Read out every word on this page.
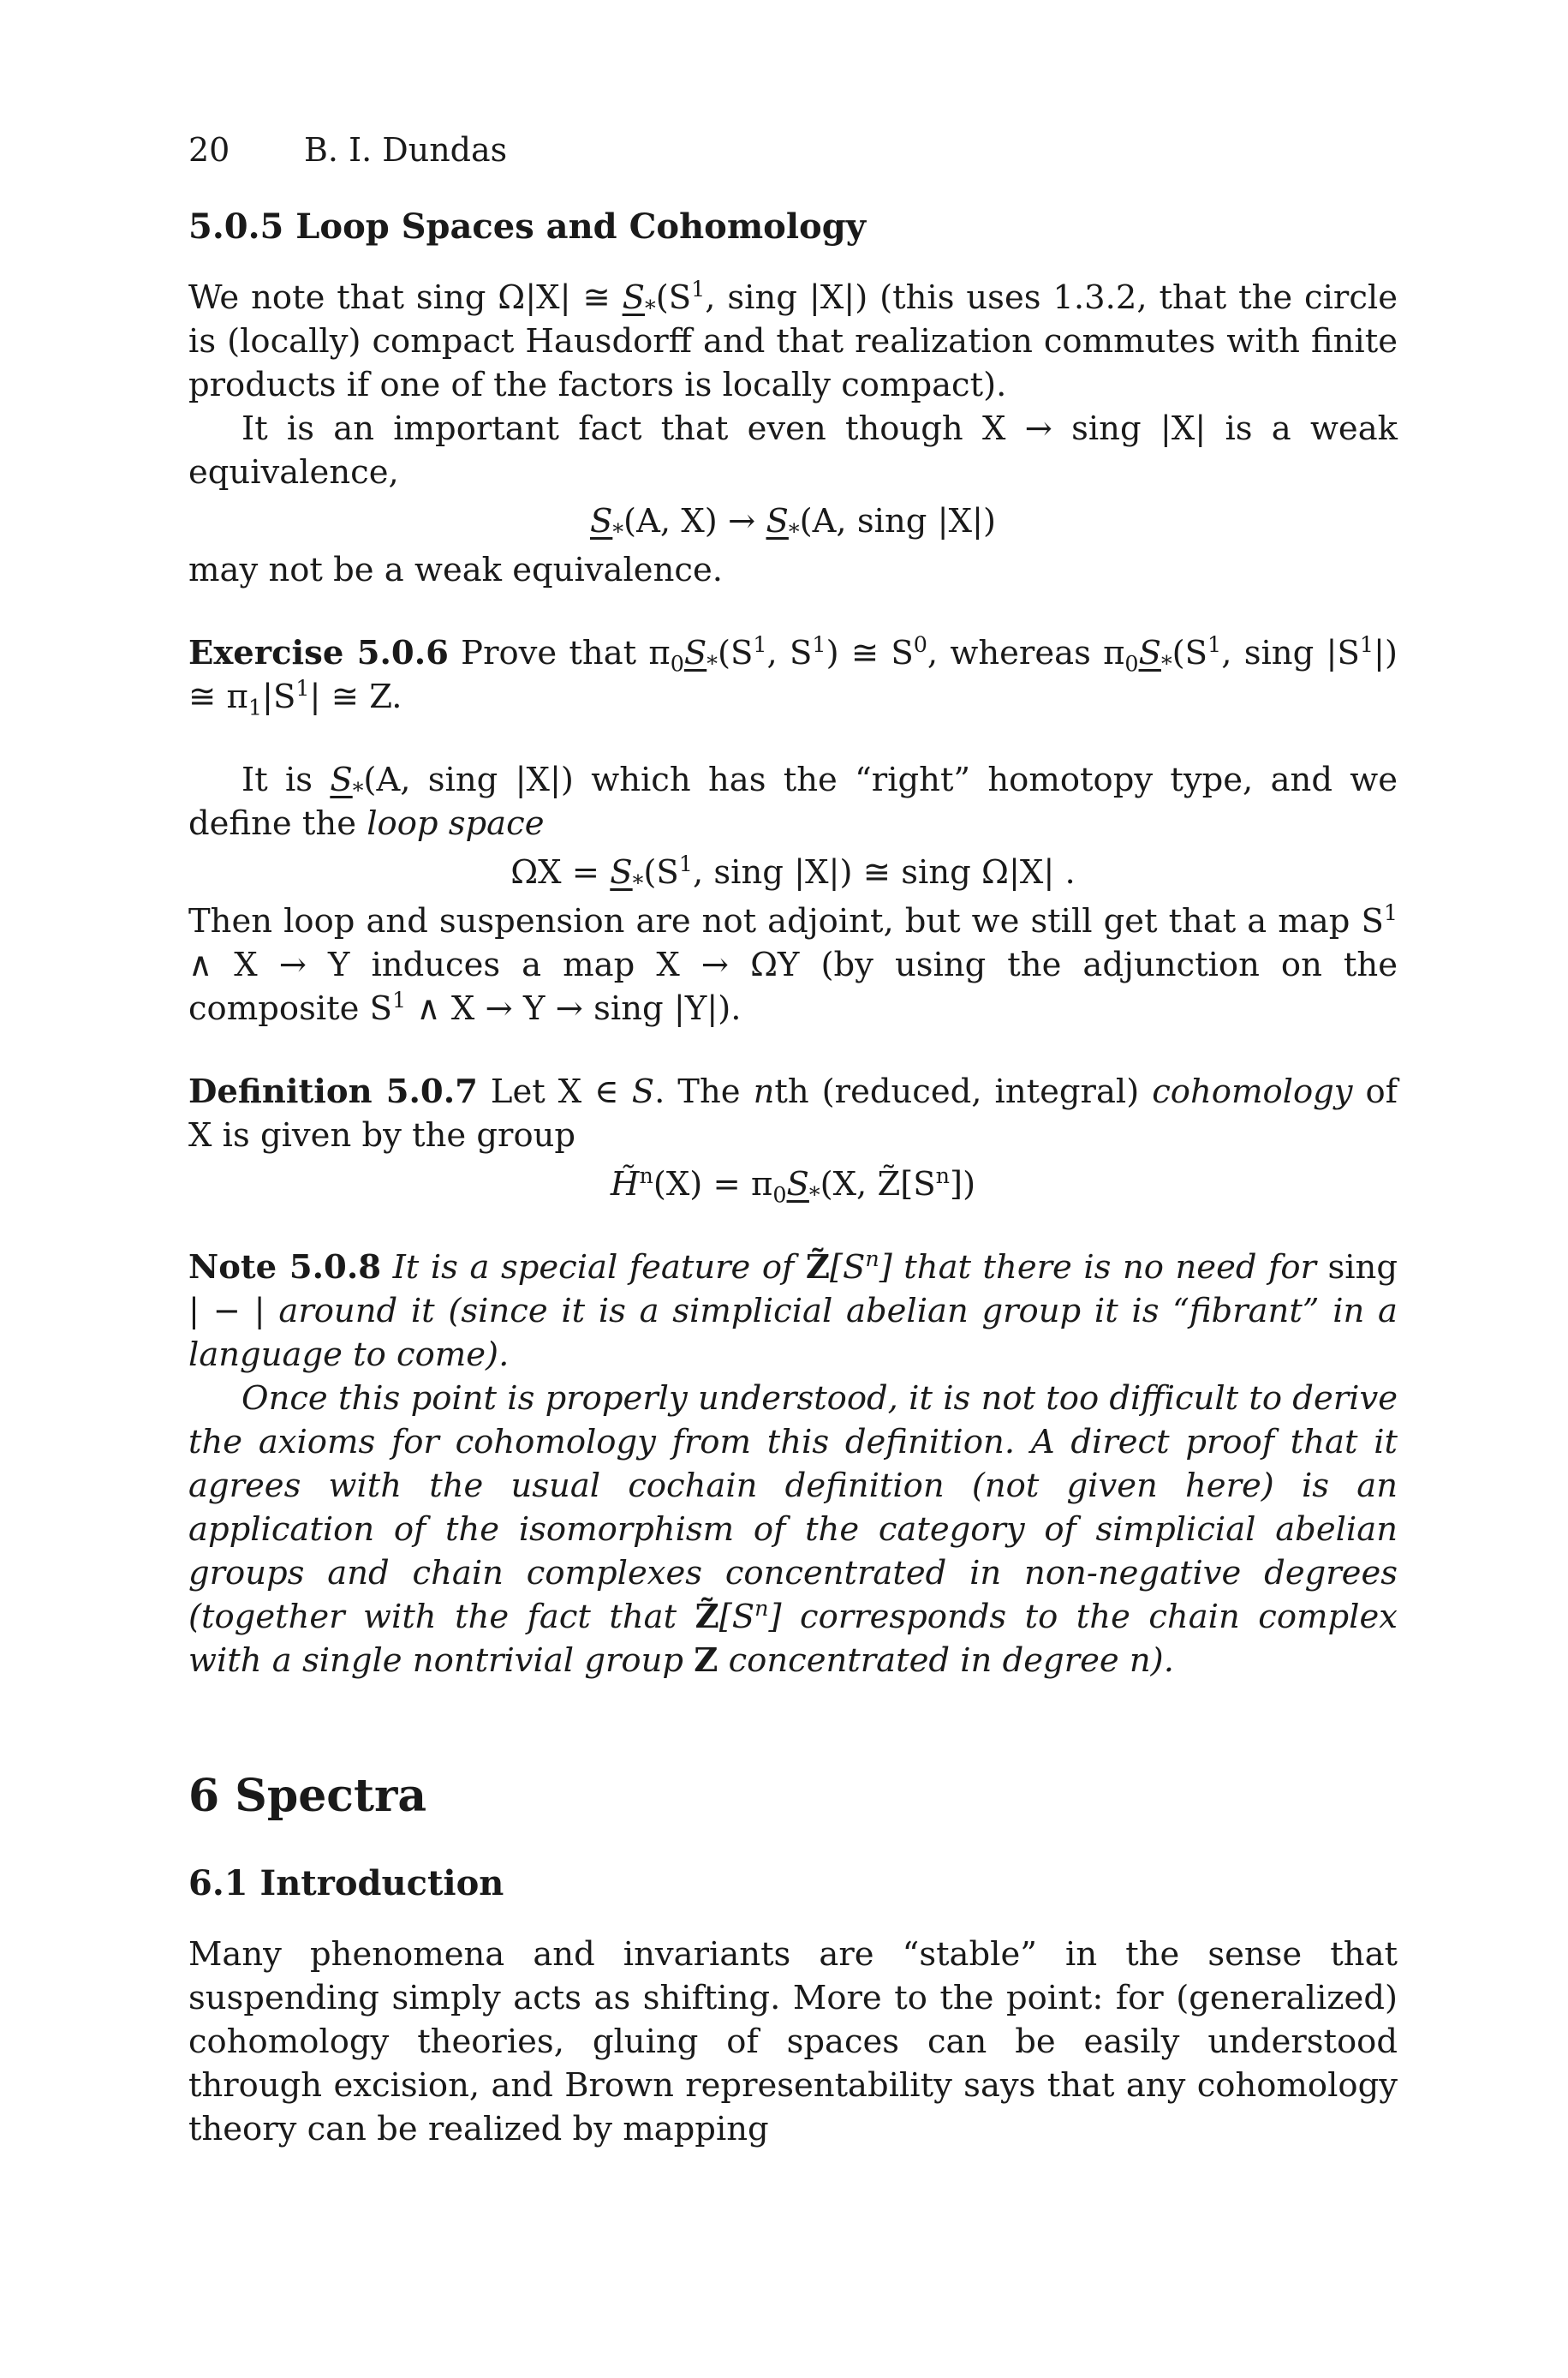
20 B. I. Dundas
5.0.5 Loop Spaces and Cohomology

We note that sing Ω|X| ≅ $S_*(S^1$, sing |X|) (this uses 1.3.2, that the circle is (locally) compact Hausdorff and that realization commutes with finite products if one of the factors is locally compact).

It is an important fact that even though X → sing |X| is a weak equivalence,

$S_*(A$, $X) \to S_*(A$, sing |X|)

may not be a weak equivalence.

Exercise 5.0.6 Prove that $\pi_0S_*(S^1$, $S^1$) ≅ $S^0$, whereas $\pi_0S_*(S^1$, sing $|S^1|$) ≅ $\pi_1|S^1|$ ≅ Z.

It is $S_*(A$, sing |X|) which has the “right” homotopy type, and we define the loop space

$\Omega X = S_*(S^1$, sing |X|) ≅ sing Ω|X| .

Then loop and suspension are not adjoint, but we still get that a map $S^1$ ∧ X → Y induces a map X → ΩY (by using the adjunction on the composite $S^1$ ∧ X → Y → sing |Y|).

Definition 5.0.7 Let X ∈ S. The nth (reduced, integral) cohomology of X is given by the group

H̃$^n$(X) = $\pi_0S_*(X$, $Z̃[S^n]$)

Note 5.0.8 It is a special feature of $Z̃[S^n]$ that there is no need for sing | − | around it (since it is a simplicial abelian group it is “fibrant” in a language to come).

Once this point is properly understood, it is not too difficult to derive the axioms for cohomology from this definition. A direct proof that it agrees with the usual cochain definition (not given here) is an application of the isomorphism of the category of simplicial abelian groups and chain complexes concentrated in non-negative degrees (together with the fact that $Z̃[S^n]$ corresponds to the chain complex with a single nontrivial group Z concentrated in degree n).

6 Spectra
6.1 Introduction

Many phenomena and invariants are “stable” in the sense that suspending simply acts as shifting. More to the point: for (generalized) cohomology theories, gluing of spaces can be easily understood through excision, and Brown representability says that any cohomology theory can be realized by mapping
